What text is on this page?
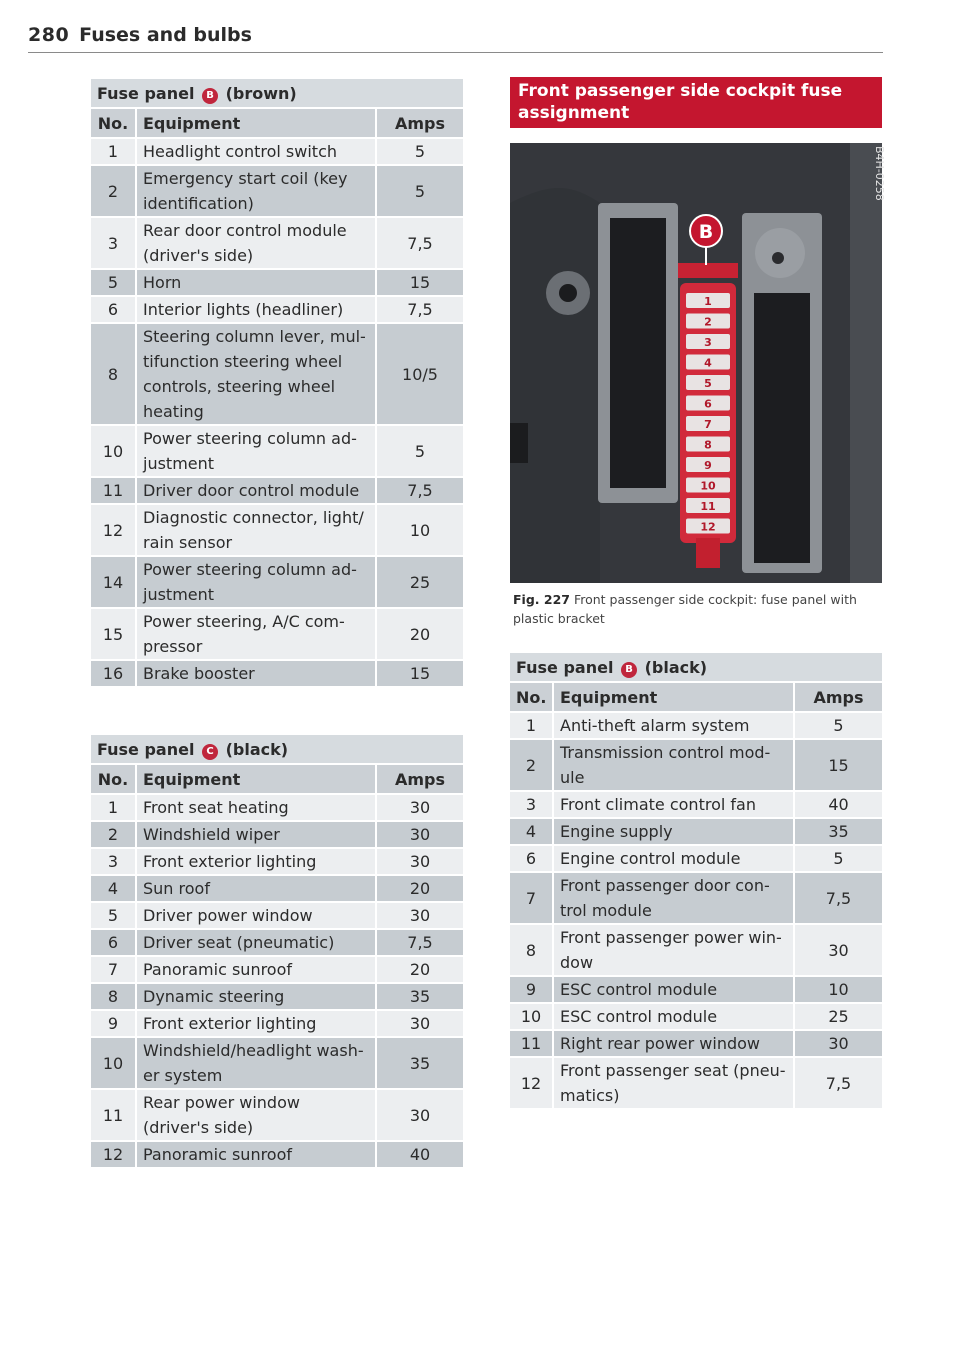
280 Fuses and bulbs
Fuse panel B (brown)		
No.	Equipment	Amps
1	Headlight control switch	5
2	Emergency start coil (key identification)	5
3	Rear door control module (driver's side)	7,5
5	Horn	15
6	Interior lights (headliner)	7,5
8	Steering column lever, mul-tifunction steering wheel controls, steering wheel heating	10/5
10	Power steering column ad-justment	5
11	Driver door control module	7,5
12	Diagnostic connector, light/ rain sensor	10
14	Power steering column ad-justment	25
15	Power steering, A/C com-pressor	20
16	Brake booster	15
Fuse panel C (black)		
No.	Equipment	Amps
1	Front seat heating	30
2	Windshield wiper	30
3	Front exterior lighting	30
4	Sun roof	20
5	Driver power window	30
6	Driver seat (pneumatic)	7,5
7	Panoramic sunroof	20
8	Dynamic steering	35
9	Front exterior lighting	30
10	Windshield/headlight wash-er system	35
11	Rear power window (driver's side)	30
12	Panoramic sunroof	40
Front passenger side cockpit fuse assignment
B
1
2
3
4
5
6
7
8
9
10
11
12
B4H-0258
Fig. 227 Front passenger side cockpit: fuse panel with plastic bracket
Fuse panel B (black)		
No.	Equipment	Amps
1	Anti-theft alarm system	5
2	Transmission control mod-ule	15
3	Front climate control fan	40
4	Engine supply	35
6	Engine control module	5
7	Front passenger door con-trol module	7,5
8	Front passenger power win-dow	30
9	ESC control module	10
10	ESC control module	25
11	Right rear power window	30
12	Front passenger seat (pneu-matics)	7,5
